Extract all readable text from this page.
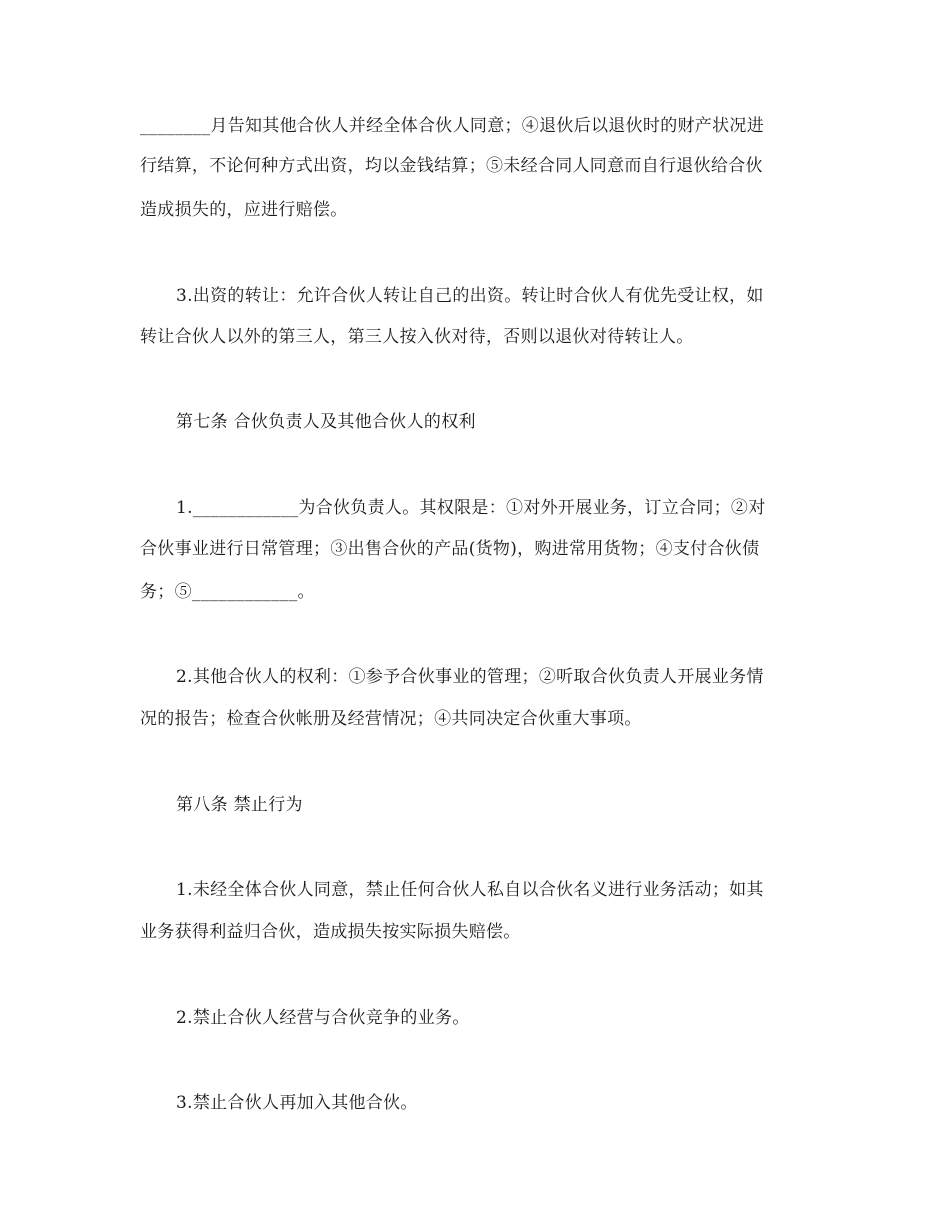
________月告知其他合伙人并经全体合伙人同意；④退伙后以退伙时的财产状况进
行结算，不论何种方式出资，均以金钱结算；⑤未经合同人同意而自行退伙给合伙
造成损失的，应进行赔偿。
3.出资的转让：允许合伙人转让自己的出资。转让时合伙人有优先受让权，如
转让合伙人以外的第三人，第三人按入伙对待，否则以退伙对待转让人。
第七条 合伙负责人及其他合伙人的权利
1.____________为合伙负责人。其权限是：①对外开展业务，订立合同；②对
合伙事业进行日常管理；③出售合伙的产品(货物)，购进常用货物；④支付合伙债
务；⑤____________。
2.其他合伙人的权利：①参予合伙事业的管理；②听取合伙负责人开展业务情
况的报告；检查合伙帐册及经营情况；④共同决定合伙重大事项。
第八条 禁止行为
1.未经全体合伙人同意，禁止任何合伙人私自以合伙名义进行业务活动；如其
业务获得利益归合伙，造成损失按实际损失赔偿。
2.禁止合伙人经营与合伙竞争的业务。
3.禁止合伙人再加入其他合伙。
